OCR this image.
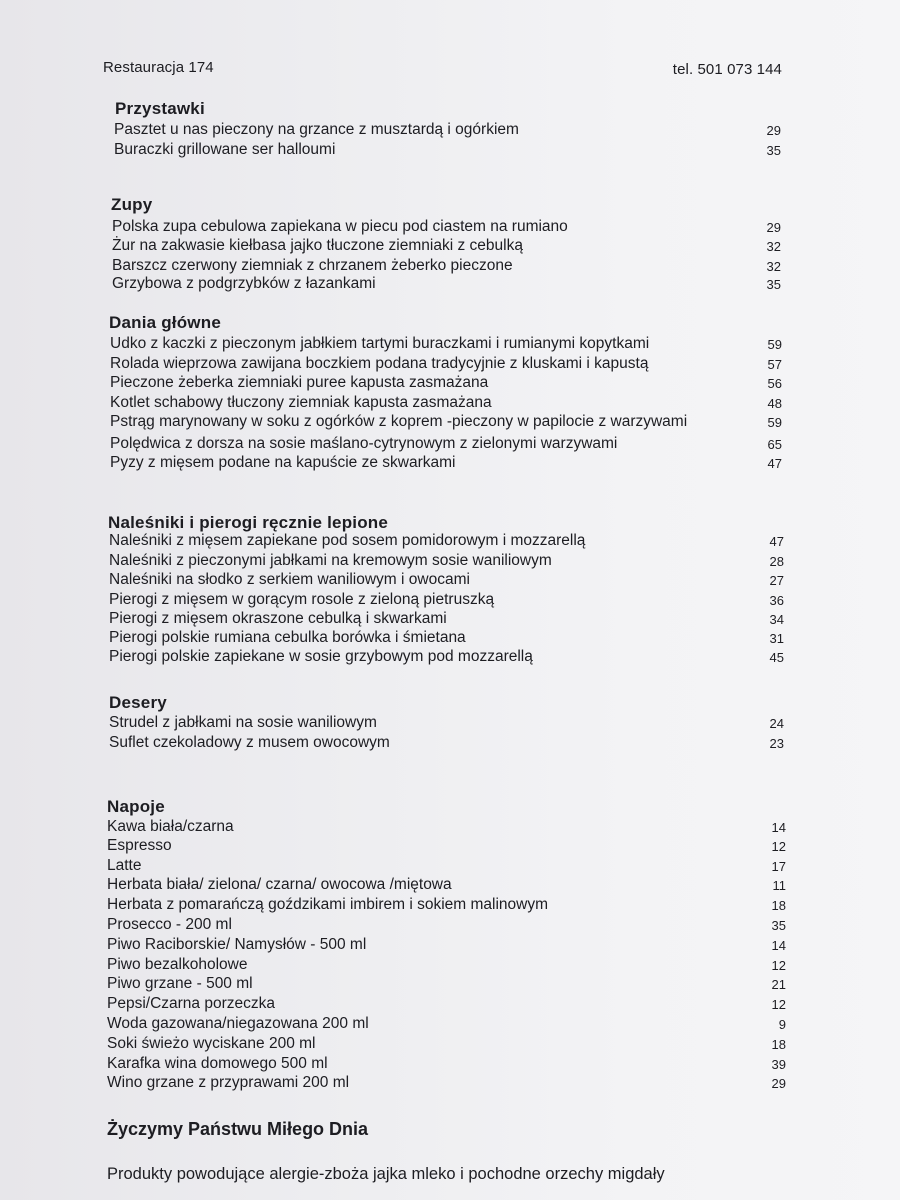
Restauracja 174	tel. 501 073 144
Przystawki
Pasztet u nas pieczony na grzance z musztardą i ogórkiem	29
Buraczki grillowane ser halloumi	35
Zupy
Polska zupa cebulowa zapiekana w piecu pod ciastem na rumiano	29
Żur na zakwasie kiełbasa jajko tłuczone ziemniaki z cebulką	32
Barszcz czerwony ziemniak z chrzanem żeberko pieczone	32
Grzybowa z podgrzybków z łazankami	35
Dania główne
Udko z kaczki z pieczonym jabłkiem tartymi buraczkami i rumianymi kopytkami	59
Rolada wieprzowa zawijana boczkiem podana tradycyjnie z kluskami i kapustą	57
Pieczone żeberka ziemniaki puree kapusta zasmażana	56
Kotlet schabowy tłuczony ziemniak kapusta zasmażana	48
Pstrąg marynowany w soku z ogórków z koprem -pieczony w papilocie z warzywami	59
Polędwica z dorsza na sosie maślano-cytrynowym z zielonymi warzywami	65
Pyzy z mięsem podane na kapuście ze skwarkami	47
Naleśniki i pierogi ręcznie lepione
Naleśniki z mięsem zapiekane pod sosem pomidorowym i mozzarellą	47
Naleśniki z pieczonymi jabłkami na kremowym sosie waniliowym	28
Naleśniki na słodko z serkiem waniliowym i owocami	27
Pierogi z mięsem w gorącym rosole z zieloną pietruszką	36
Pierogi z mięsem okraszone cebulką i skwarkami	34
Pierogi polskie rumiana cebulka borówka i śmietana	31
Pierogi polskie zapiekane w sosie grzybowym pod mozzarellą	45
Desery
Strudel z jabłkami na sosie waniliowym	24
Suflet czekoladowy z musem owocowym	23
Napoje
Kawa biała/czarna	14
Espresso	12
Latte	17
Herbata biała/ zielona/ czarna/ owocowa /miętowa	11
Herbata z pomarańczą goździkami imbirem i sokiem malinowym	18
Prosecco - 200 ml	35
Piwo Raciborskie/ Namysłów - 500 ml	14
Piwo bezalkoholowe	12
Piwo grzane - 500 ml	21
Pepsi/Czarna porzeczka	12
Woda gazowana/niegazowana 200 ml	9
Soki świeżo wyciskane 200 ml	18
Karafka wina domowego 500 ml	39
Wino grzane z przyprawami 200 ml	29
Życzymy Państwu Miłego Dnia
Produkty powodujące alergie-zboża jajka mleko i pochodne orzechy migdały
